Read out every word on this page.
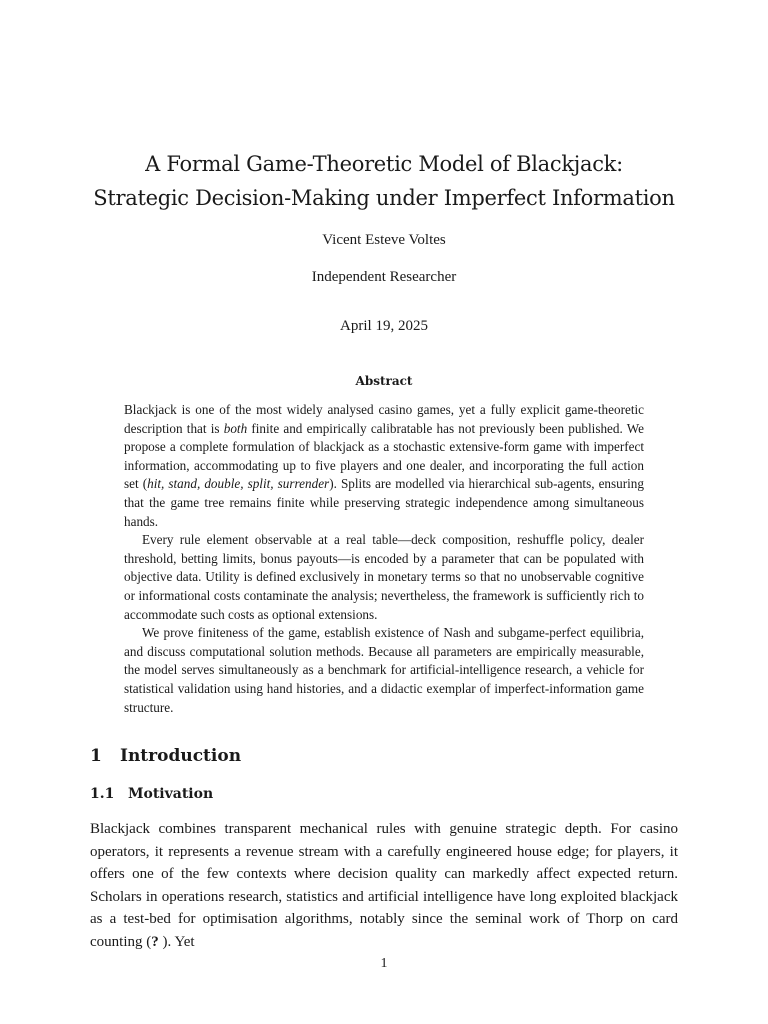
A Formal Game-Theoretic Model of Blackjack:
Strategic Decision-Making under Imperfect Information
Vicent Esteve Voltes
Independent Researcher
April 19, 2025
Abstract

Blackjack is one of the most widely analysed casino games, yet a fully explicit game-theoretic description that is both finite and empirically calibratable has not previously been published. We propose a complete formulation of blackjack as a stochastic extensive-form game with imperfect information, accommodating up to five players and one dealer, and incorporating the full action set (hit, stand, double, split, surrender). Splits are modelled via hierarchical sub-agents, ensuring that the game tree remains finite while preserving strategic independence among simultaneous hands.

Every rule element observable at a real table—deck composition, reshuffle policy, dealer threshold, betting limits, bonus payouts—is encoded by a parameter that can be populated with objective data. Utility is defined exclusively in monetary terms so that no unobservable cognitive or informational costs contaminate the analysis; nevertheless, the framework is sufficiently rich to accommodate such costs as optional extensions.

We prove finiteness of the game, establish existence of Nash and subgame-perfect equilibria, and discuss computational solution methods. Because all parameters are empirically measurable, the model serves simultaneously as a benchmark for artificial-intelligence research, a vehicle for statistical validation using hand histories, and a didactic exemplar of imperfect-information game structure.

1 Introduction
1.1 Motivation

Blackjack combines transparent mechanical rules with genuine strategic depth. For casino operators, it represents a revenue stream with a carefully engineered house edge; for players, it offers one of the few contexts where decision quality can markedly affect expected return. Scholars in operations research, statistics and artificial intelligence have long exploited blackjack as a test-bed for optimisation algorithms, notably since the seminal work of Thorp on card counting (? ). Yet

1
